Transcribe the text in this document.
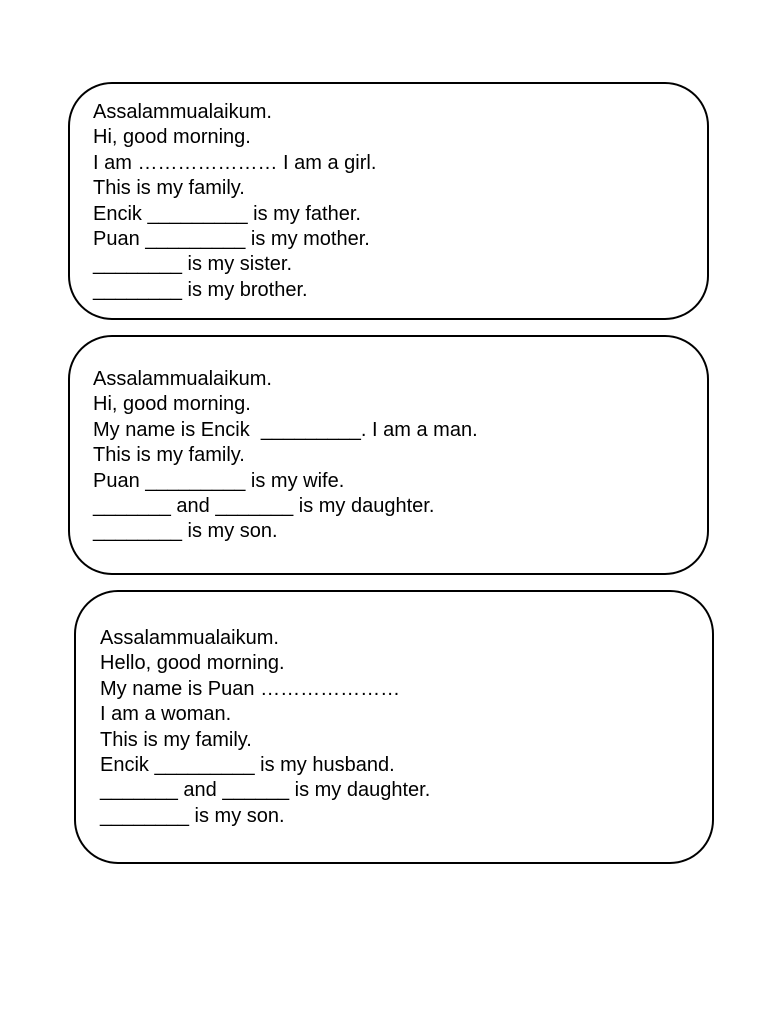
Assalammualaikum.
Hi, good morning.
I am ………………… I am a girl.
This is my family.
Encik _________ is my father.
Puan _________ is my mother.
________ is my sister.
________ is my brother.
Assalammualaikum.
Hi, good morning.
My name is Encik  _________. I am a man.
This is my family.
Puan _________ is my wife.
_______ and _______ is my daughter.
________ is my son.
Assalammualaikum.
Hello, good morning.
My name is Puan …………………
I am a woman.
This is my family.
Encik _________ is my husband.
_______ and ______ is my daughter.
________ is my son.
